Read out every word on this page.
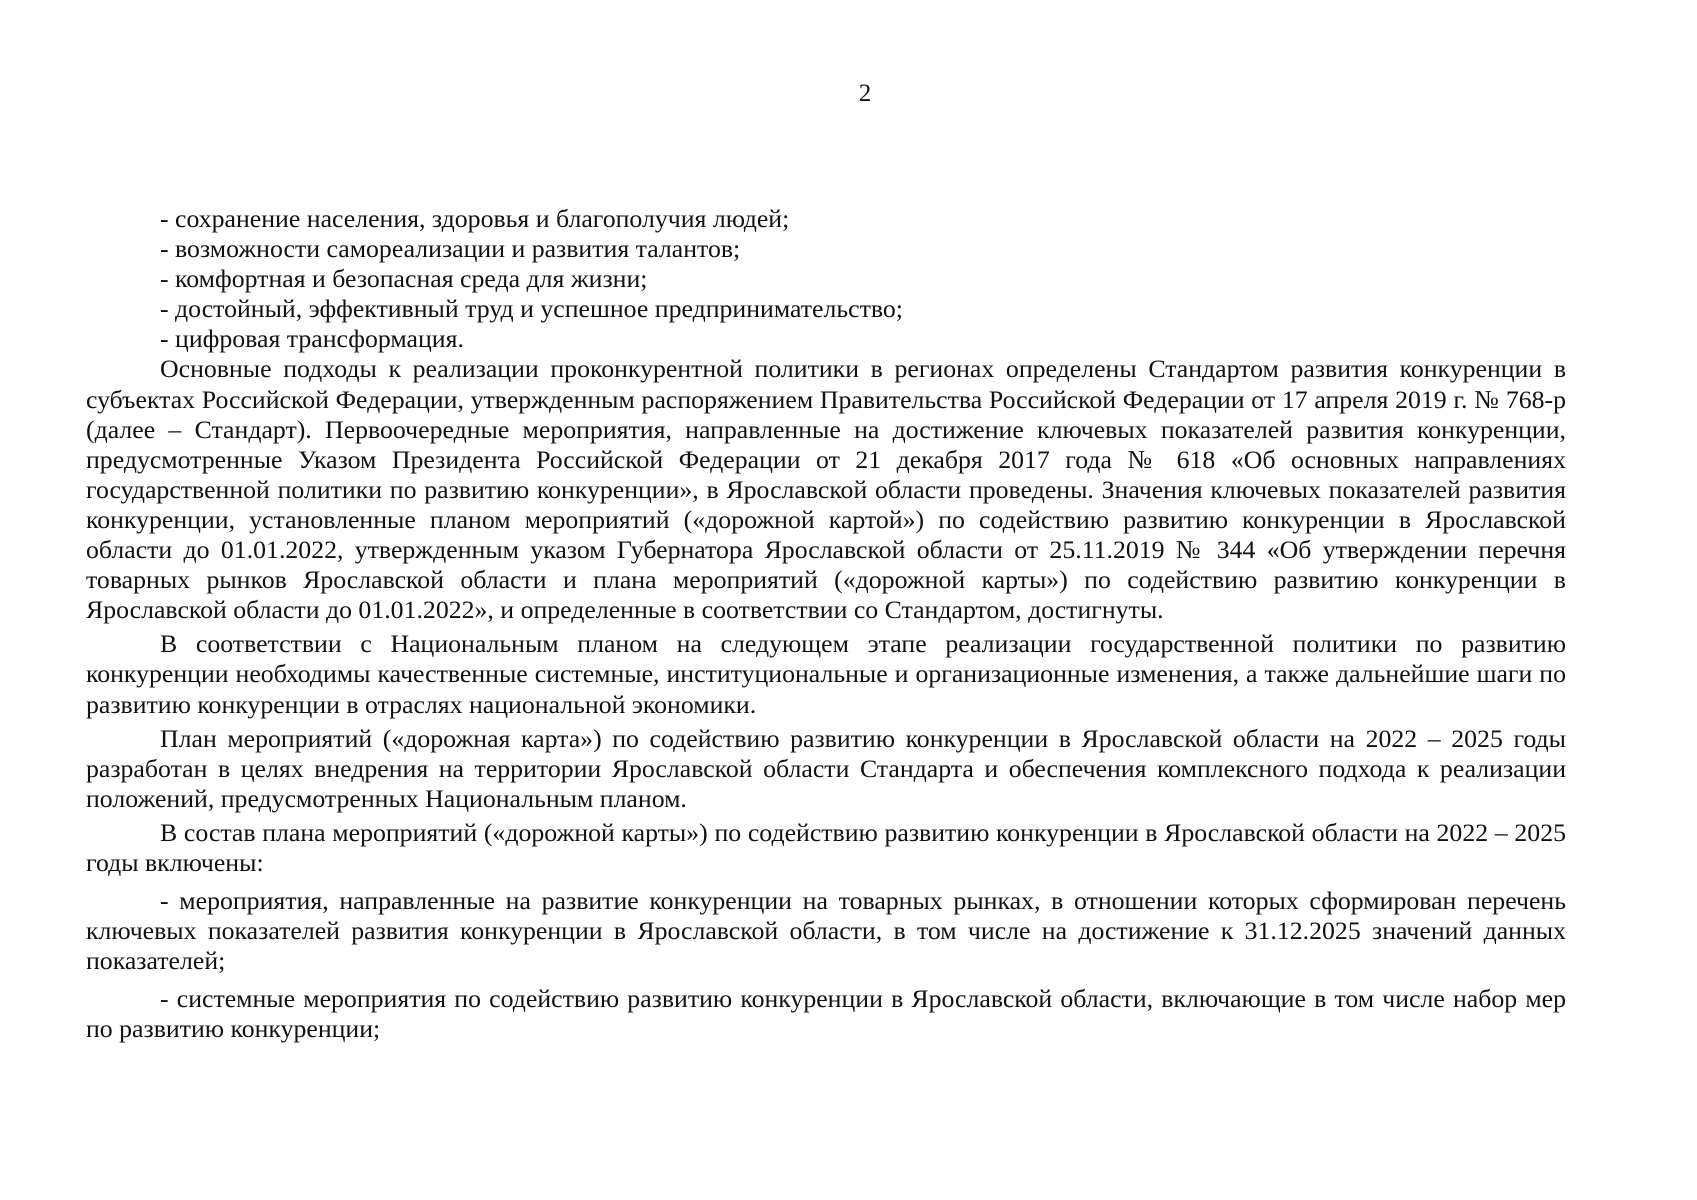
2

- сохранение населения, здоровья и благополучия людей;

- возможности самореализации и развития талантов;

- комфортная и безопасная среда для жизни;

- достойный, эффективный труд и успешное предпринимательство;

- цифровая трансформация.

Основные подходы к реализации проконкурентной политики в регионах определены Стандартом развития конкуренции в субъектах Российской Федерации, утвержденным распоряжением Правительства Российской Федерации от 17 апреля 2019 г. № 768-р (далее – Стандарт). Первоочередные мероприятия, направленные на достижение ключевых показателей развития конкуренции, предусмотренные Указом Президента Российской Федерации от 21 декабря 2017 года № 618 «Об основных направлениях государственной политики по развитию конкуренции», в Ярославской области проведены. Значения ключевых показателей развития конкуренции, установленные планом мероприятий («дорожной картой») по содействию развитию конкуренции в Ярославской области до 01.01.2022, утвержденным указом Губернатора Ярославской области от 25.11.2019 № 344 «Об утверждении перечня товарных рынков Ярославской области и плана мероприятий («дорожной карты») по содействию развитию конкуренции в Ярославской области до 01.01.2022», и определенные в соответствии со Стандартом, достигнуты.

В соответствии с Национальным планом на следующем этапе реализации государственной политики по развитию конкуренции необходимы качественные системные, институциональные и организационные изменения, а также дальнейшие шаги по развитию конкуренции в отраслях национальной экономики.

План мероприятий («дорожная карта») по содействию развитию конкуренции в Ярославской области на 2022 – 2025 годы разработан в целях внедрения на территории Ярославской области Стандарта и обеспечения комплексного подхода к реализации положений, предусмотренных Национальным планом.

В состав плана мероприятий («дорожной карты») по содействию развитию конкуренции в Ярославской области на 2022 – 2025 годы включены:

- мероприятия, направленные на развитие конкуренции на товарных рынках, в отношении которых сформирован перечень ключевых показателей развития конкуренции в Ярославской области, в том числе на достижение к 31.12.2025 значений данных показателей;

- системные мероприятия по содействию развитию конкуренции в Ярославской области, включающие в том числе набор мер по развитию конкуренции;
